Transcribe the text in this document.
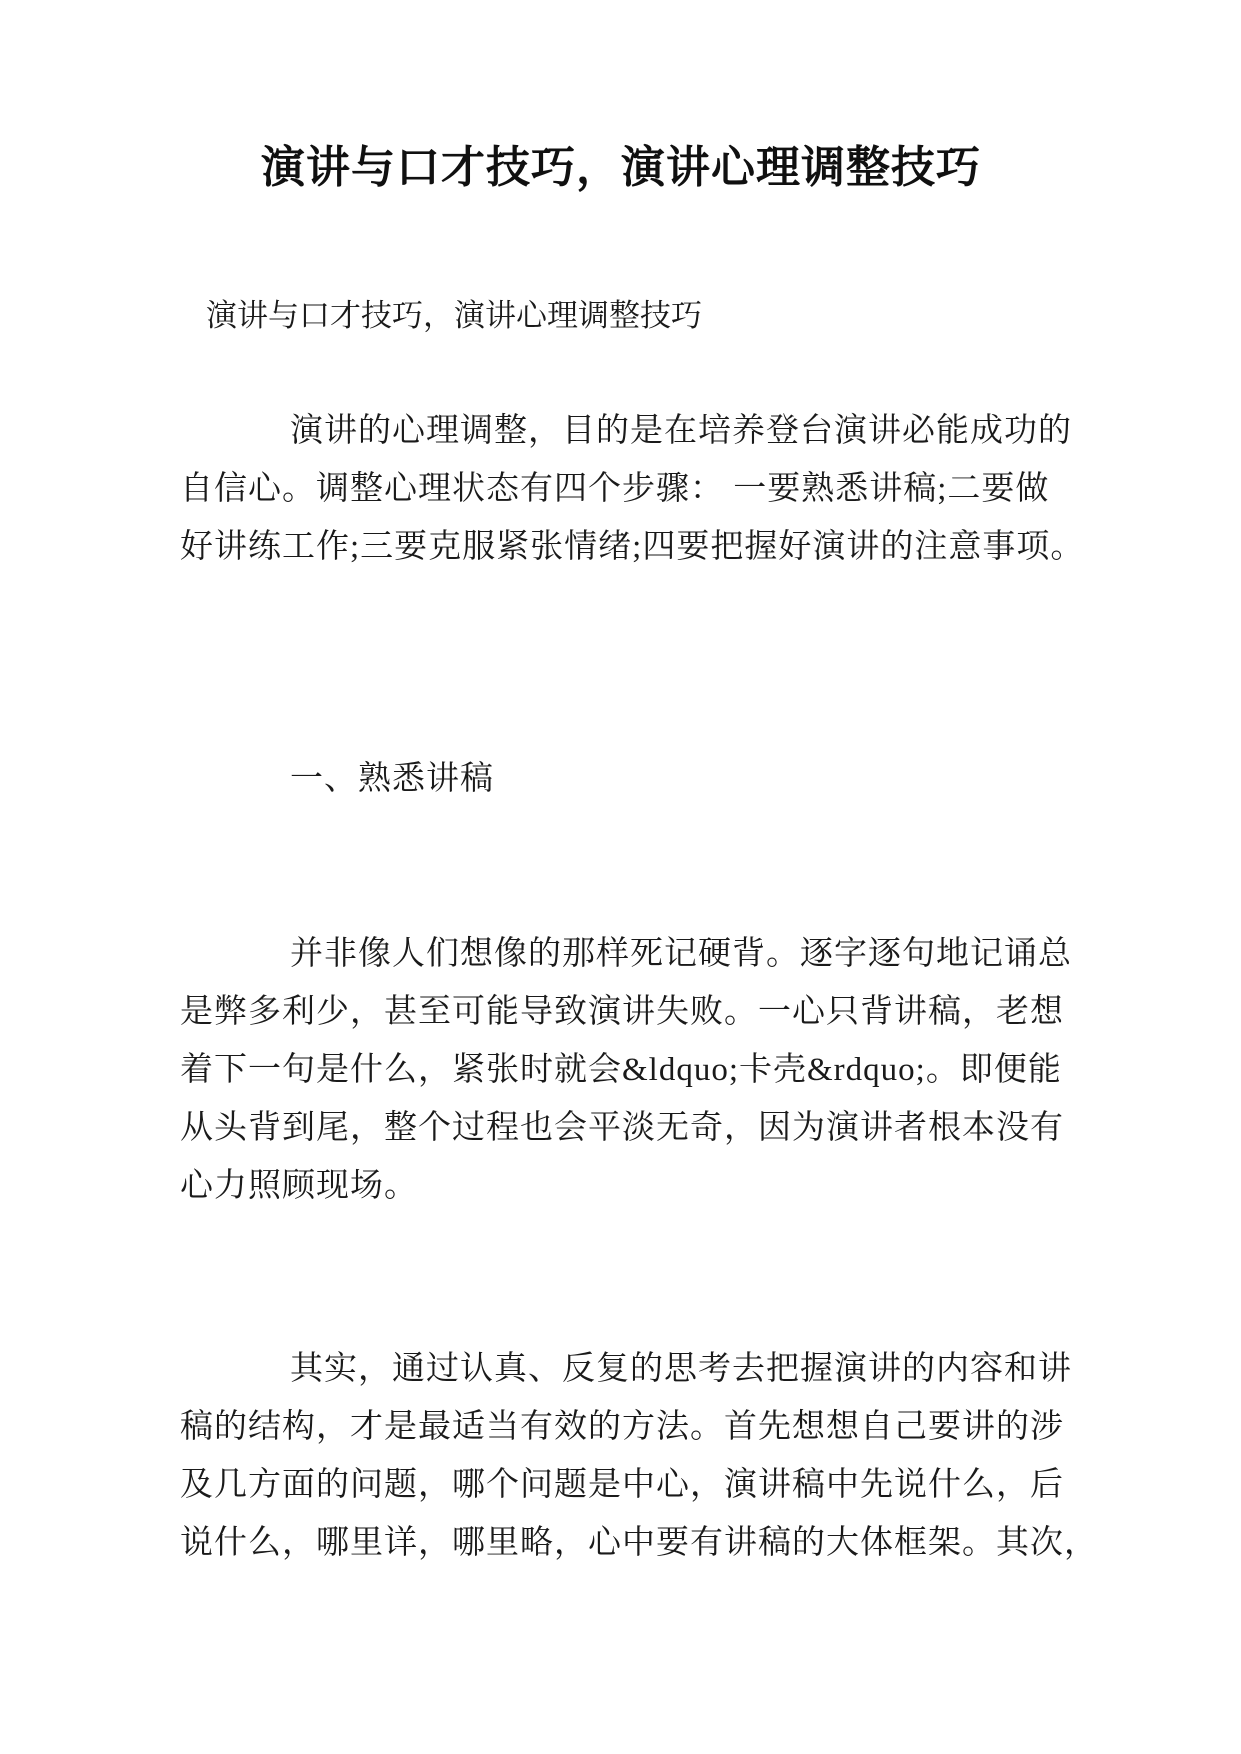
演讲与口才技巧，演讲心理调整技巧
演讲与口才技巧，演讲心理调整技巧
演讲的心理调整，目的是在培养登台演讲必能成功的
自信心。调整心理状态有四个步骤： 一要熟悉讲稿;二要做
好讲练工作;三要克服紧张情绪;四要把握好演讲的注意事项。
一、熟悉讲稿
并非像人们想像的那样死记硬背。逐字逐句地记诵总
是弊多利少，甚至可能导致演讲失败。一心只背讲稿，老想
着下一句是什么，紧张时就会&ldquo;卡壳&rdquo;。即便能
从头背到尾，整个过程也会平淡无奇，因为演讲者根本没有
心力照顾现场。
其实，通过认真、反复的思考去把握演讲的内容和讲
稿的结构，才是最适当有效的方法。首先想想自己要讲的涉
及几方面的问题，哪个问题是中心，演讲稿中先说什么，后
说什么，哪里详，哪里略，心中要有讲稿的大体框架。其次，
